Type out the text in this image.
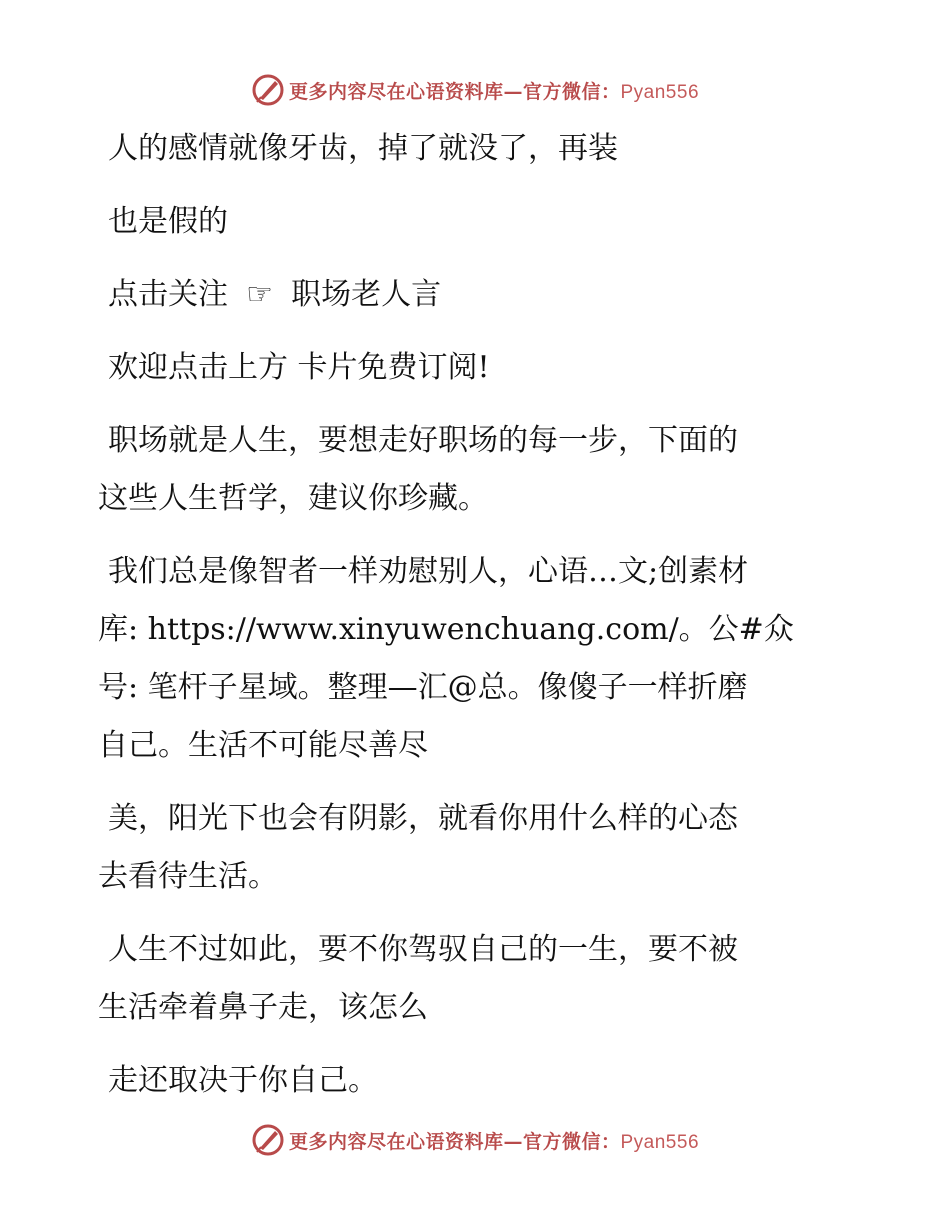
更多内容尽在心语资料库—官方微信：Pyan556

人的感情就像牙齿，掉了就没了，再装

也是假的

点击关注 ☞ 职场老人言

欢迎点击上方 卡片免费订阅!

职场就是人生，要想走好职场的每一步，下面的

这些人生哲学，建议你珍藏。

我们总是像智者一样劝慰别人，心语…文;创素材

库: https://www.xinyuwenchuang.com/。公#众

号: 笔杆子星域。整理—汇@总。像傻子一样折磨

自己。生活不可能尽善尽

美，阳光下也会有阴影，就看你用什么样的心态

去看待生活。

人生不过如此，要不你驾驭自己的一生，要不被

生活牵着鼻子走，该怎么

走还取决于你自己。

更多内容尽在心语资料库—官方微信：Pyan556
